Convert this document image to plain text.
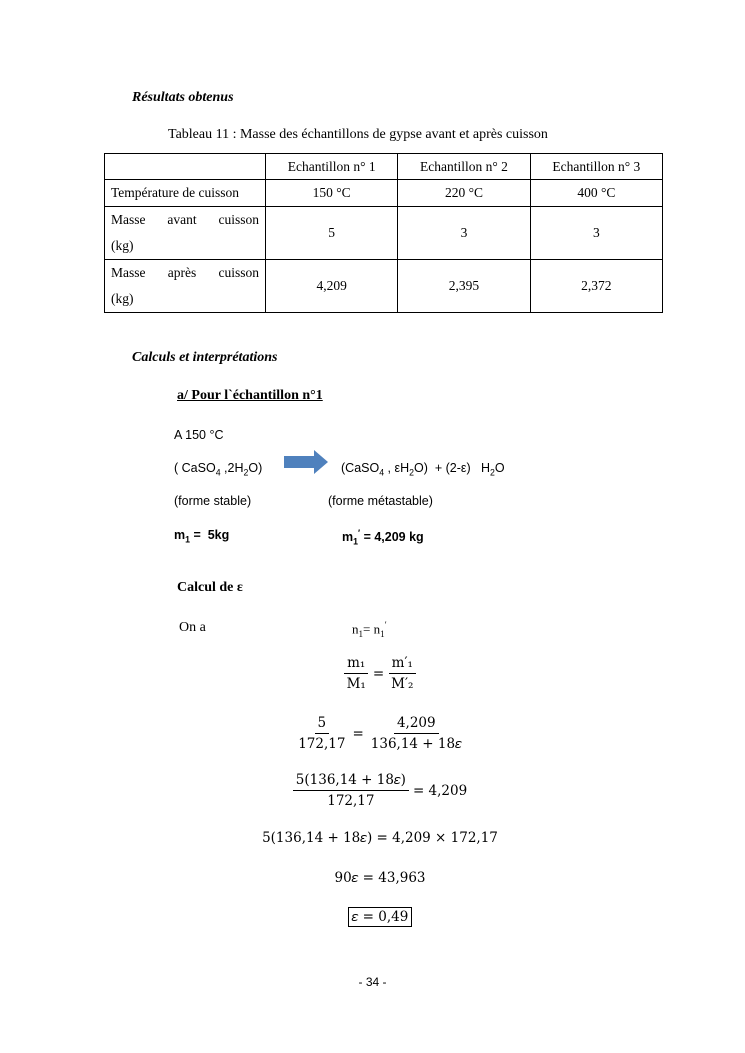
Résultats obtenus
Tableau 11 : Masse des échantillons de gypse avant et après cuisson
	Echantillon n° 1	Echantillon n° 2	Echantillon n° 3
Température de cuisson	150 °C	220 °C	400 °C

Masse avant cuisson
(kg)	5	3	3

Masse après cuisson
(kg)	4,209	2,395	2,372
Calculs et interprétations
a/ Pour l`échantillon n°1
A 150 °C
( CaSO$_4$ $,2H_2O$) → (CaSO$_4$ , $\varepsilon H_2O) + (2-\varepsilon)$   $H_2O$
(forme stable)	(forme métastable)
$m_1 = 5kg$	$m_1' = 4,209$ kg
Calcul de ε
On a	$n_1= n_1'$
$\frac{\text{m₁}}{\text{M₁}} = \frac{\text{m′₁}}{\text{M′₂}}$
$\frac{5}{172,17} = \frac{4,209}{\text{136,14 + 18𝜀}}$
$\frac{\text{5(136,14 + 18𝜀)}}{172,17} = 4,209$
5(136,14 + 18𝜀) = 4,209 × 172,17
90𝜀 = 43,963
𝜀 = 0,49
- 34 -
